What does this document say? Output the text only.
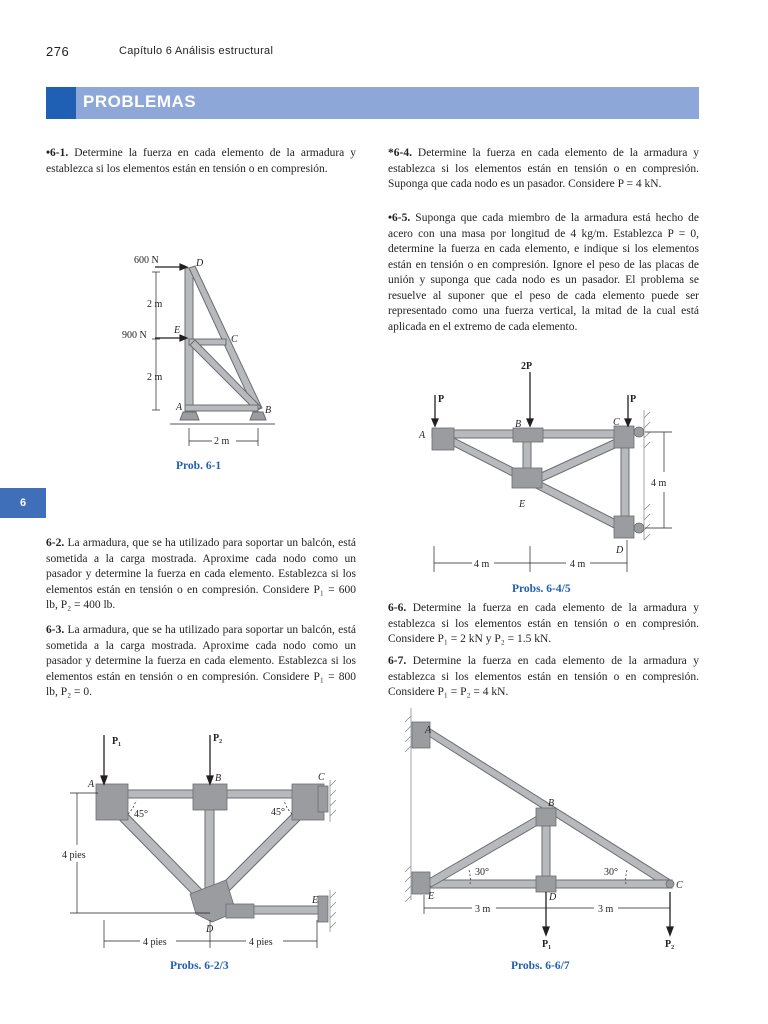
276	Capítulo 6 Análisis estructural
PROBLEMAS
6
•6-1. Determine la fuerza en cada elemento de la armadura y establezca si los elementos están en tensión o en compresión.
6-2. La armadura, que se ha utilizado para soportar un balcón, está sometida a la carga mostrada. Aproxime cada nodo como un pasador y determine la fuerza en cada elemento. Establezca si los elementos están en tensión o en compresión. Considere P₁ = 600 lb, P₂ = 400 lb.
6-3. La armadura, que se ha utilizado para soportar un balcón, está sometida a la carga mostrada. Aproxime cada nodo como un pasador y determine la fuerza en cada elemento. Establezca si los elementos están en tensión o en compresión. Considere P₁ = 800 lb, P₂ = 0.
*6-4. Determine la fuerza en cada elemento de la armadura y establezca si los elementos están en tensión o en compresión. Suponga que cada nodo es un pasador. Considere P = 4 kN.
•6-5. Suponga que cada miembro de la armadura está hecho de acero con una masa por longitud de 4 kg/m. Establezca P = 0, determine la fuerza en cada elemento, e indique si los elementos están en tensión o en compresión. Ignore el peso de las placas de unión y suponga que cada nodo es un pasador. El problema se resuelve al suponer que el peso de cada elemento puede ser representado como una fuerza vertical, la mitad de la cual está aplicada en el extremo de cada elemento.
6-6. Determine la fuerza en cada elemento de la armadura y establezca si los elementos están en tensión o en compresión. Considere P₁ = 2 kN y P₂ = 1.5 kN.
6-7. Determine la fuerza en cada elemento de la armadura y establezca si los elementos están en tensión o en compresión. Considere P₁ = P₂ = 4 kN.
Prob. 6-1
Probs. 6-4/5
Probs. 6-2/3	Probs. 6-6/7
600 N
900 N
2 m
2 m
2 m
D
E
C
A	B
2P
P	P
A
B	C
D
E
4 m
4 m	4 m
P₁	P₂
A
B	C
D
E
45°	45°
4 pies
4 pies	4 pies
A
B
C
D
E
30°	30°
3 m	3 m
P₁	P₂
